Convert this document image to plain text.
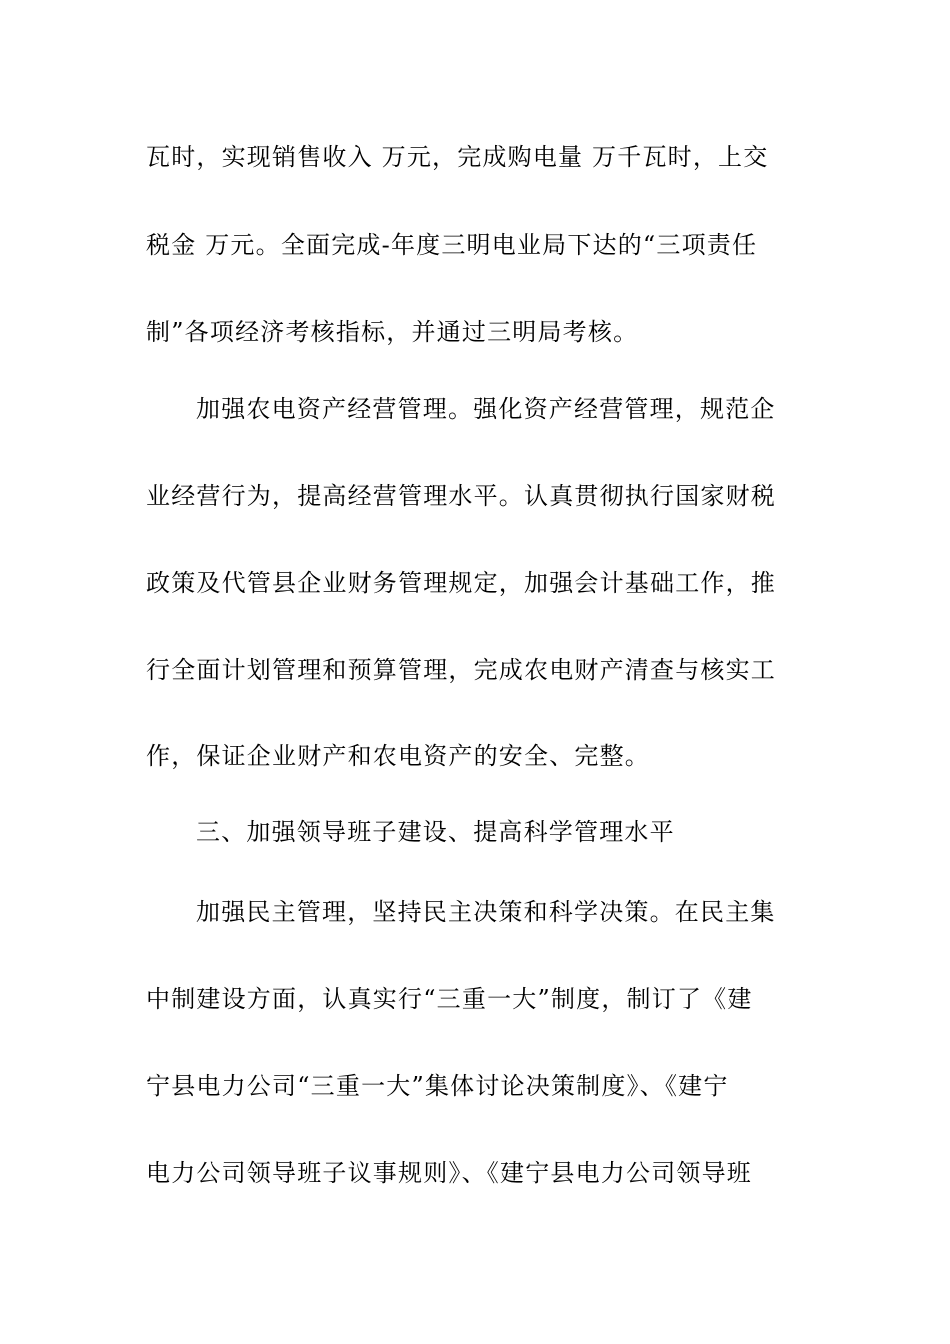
瓦时，实现销售收入 万元，完成购电量 万千瓦时，上交

税金 万元。全面完成-年度三明电业局下达的“三项责任

制”各项经济考核指标，并通过三明局考核。

加强农电资产经营管理。强化资产经营管理，规范企

业经营行为，提高经营管理水平。认真贯彻执行国家财税

政策及代管县企业财务管理规定，加强会计基础工作，推

行全面计划管理和预算管理，完成农电财产清查与核实工

作，保证企业财产和农电资产的安全、完整。

三、加强领导班子建设、提高科学管理水平

加强民主管理，坚持民主决策和科学决策。在民主集

中制建设方面，认真实行“三重一大”制度，制订了《建

宁县电力公司“三重一大”集体讨论决策制度》、《建宁

电力公司领导班子议事规则》、《建宁县电力公司领导班
